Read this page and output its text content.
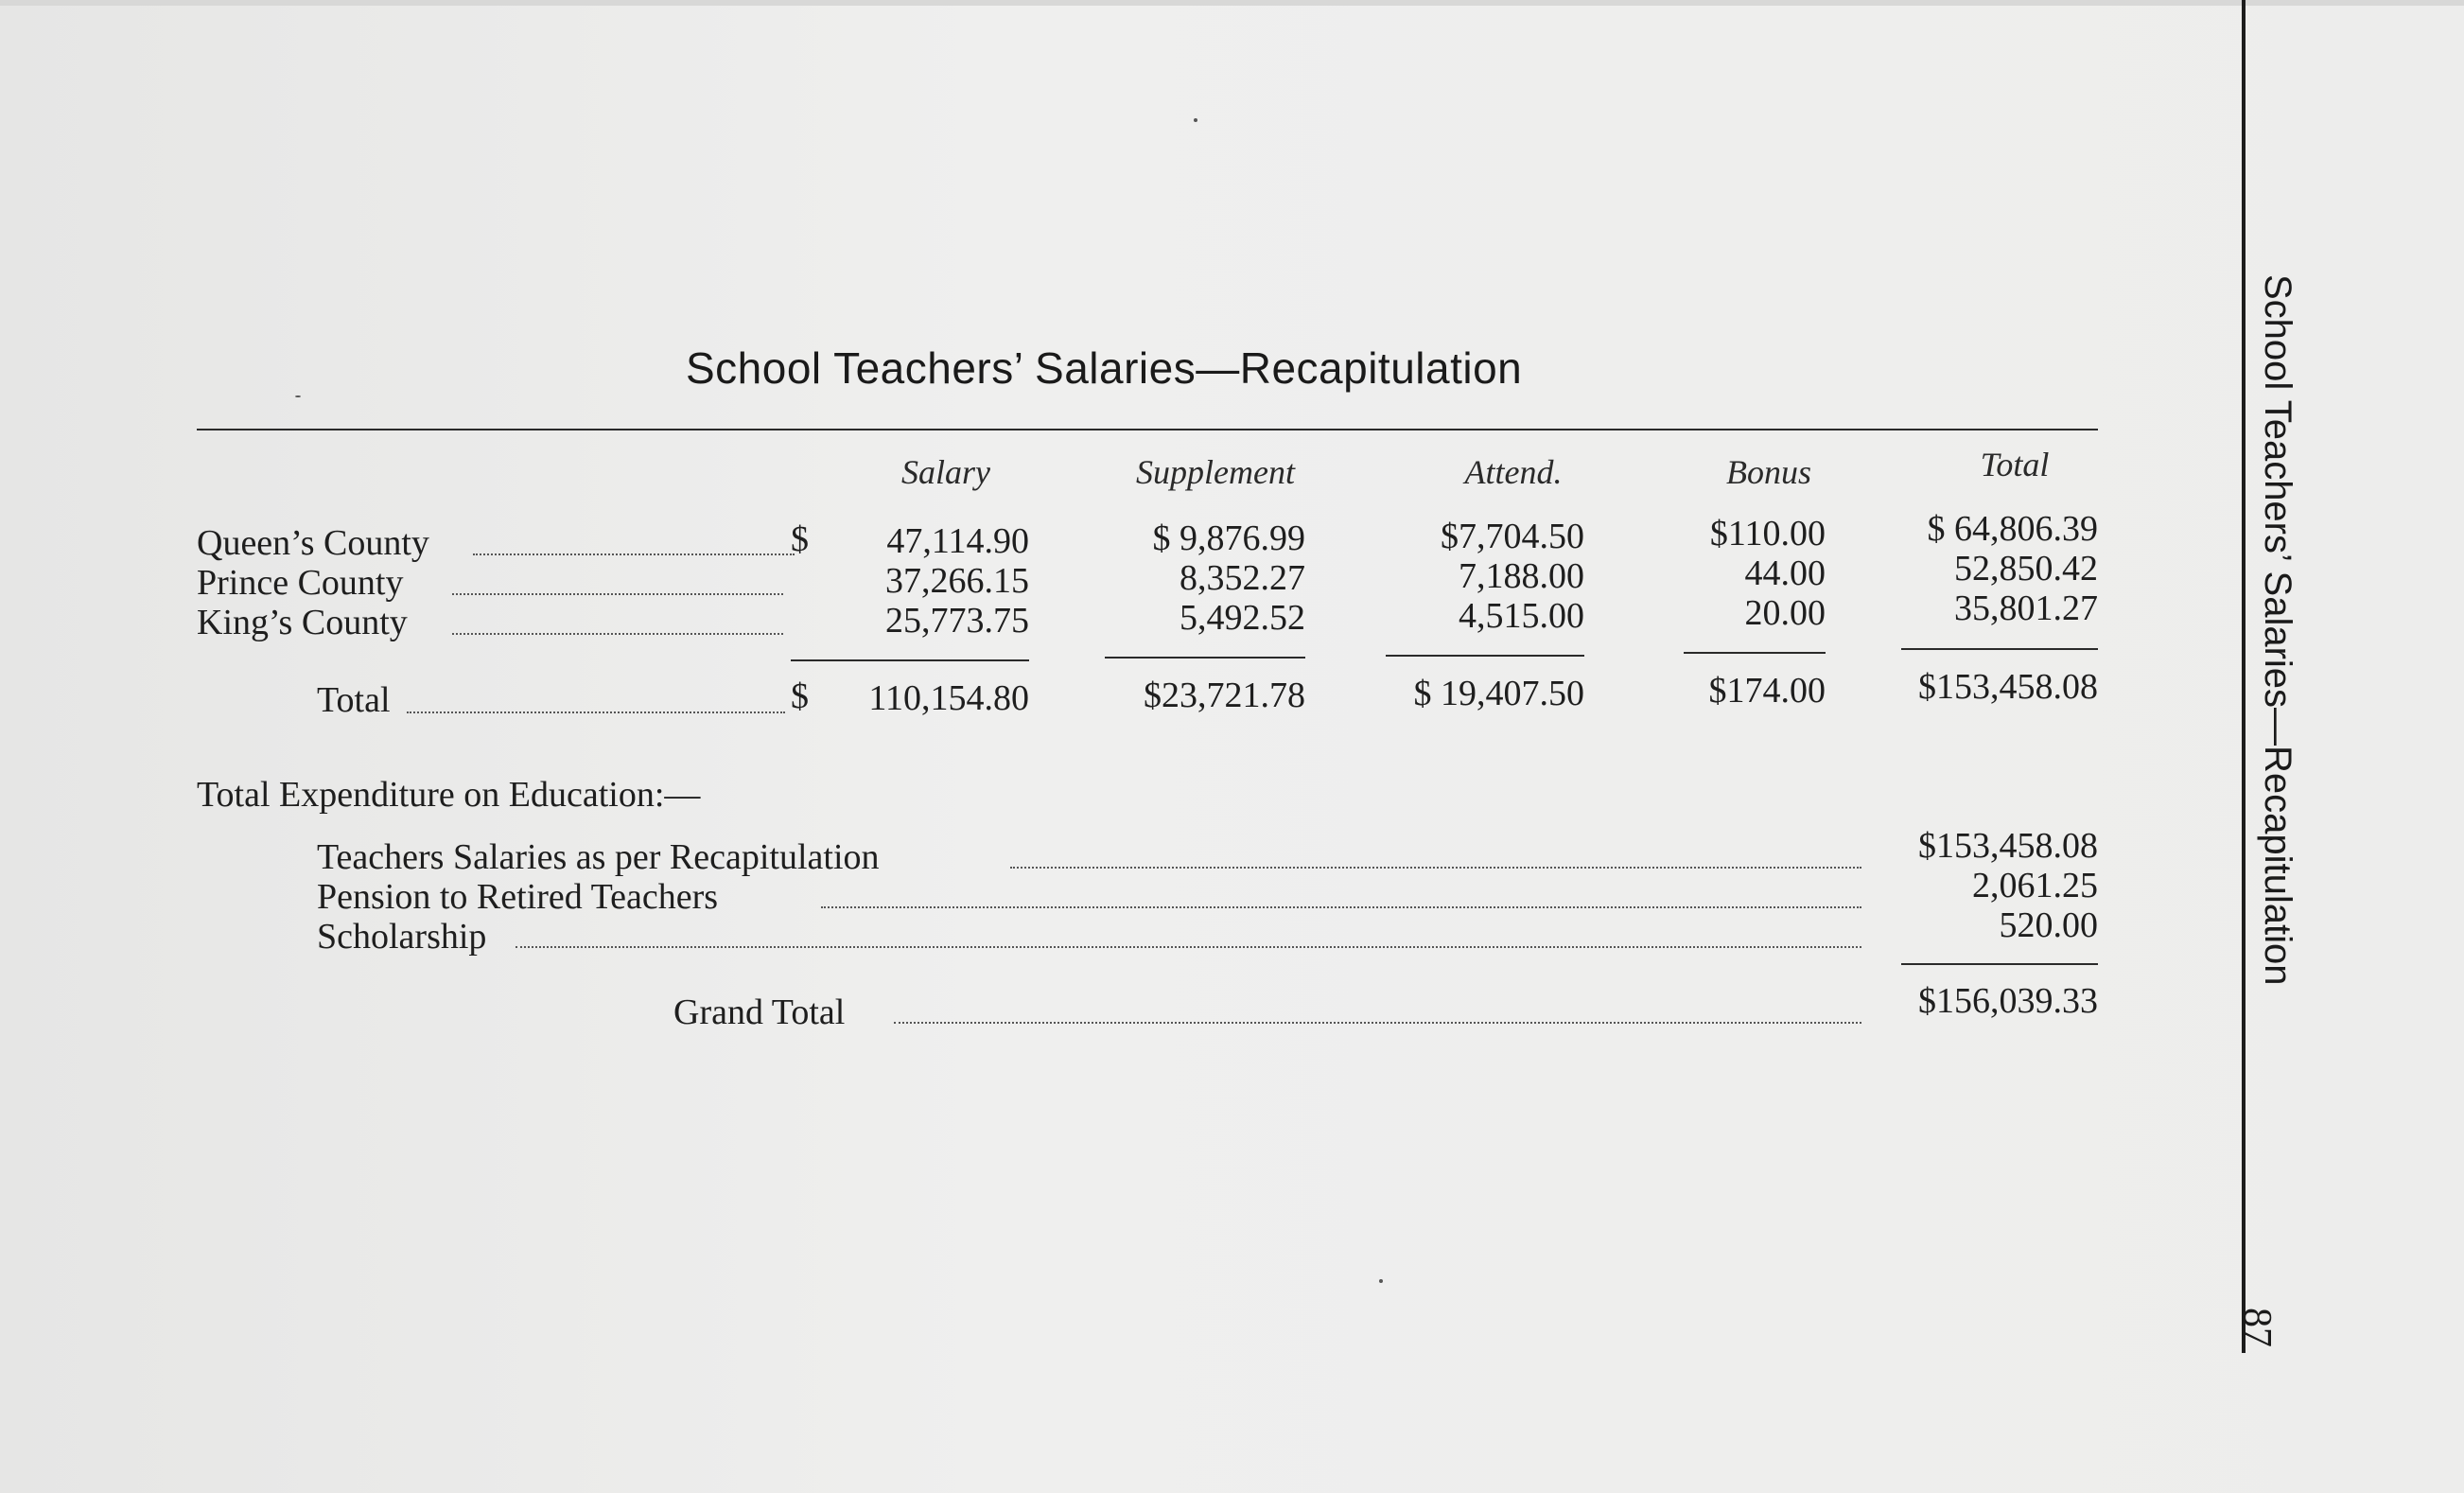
School Teachers’ Salaries—Recapitulation
Salary	Supplement	Attend.	Bonus	Total
Queen’s County	$	47,114.90	$ 9,876.99	$7,704.50	$110.00	$ 64,806.39
Prince County	37,266.15	8,352.27	7,188.00	44.00	52,850.42
King’s County	25,773.75	5,492.52	4,515.00	20.00	35,801.27
Total	$	110,154.80	$23,721.78	$ 19,407.50	$174.00	$153,458.08
Total Expenditure on Education:—
Teachers Salaries as per Recapitulation	$153,458.08
Pension to Retired Teachers	2,061.25
Scholarship	520.00
Grand Total	$156,039.33
School Teachers’ Salaries—Recapitulation
87
